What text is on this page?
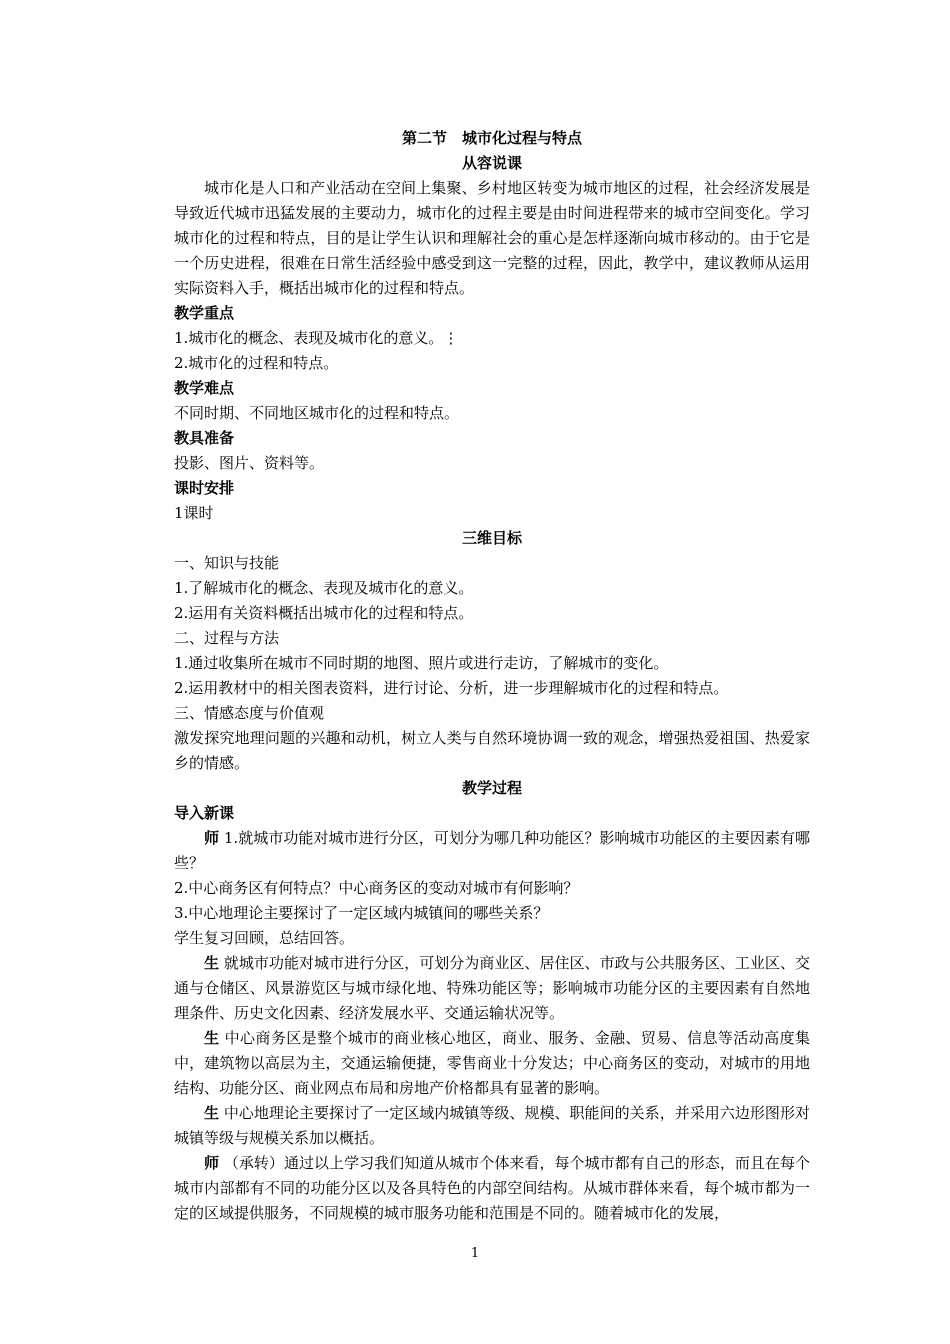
第二节　城市化过程与特点
从容说课

城市化是人口和产业活动在空间上集聚、乡村地区转变为城市地区的过程，社会经济发展是导致近代城市迅猛发展的主要动力，城市化的过程主要是由时间进程带来的城市空间变化。学习城市化的过程和特点，目的是让学生认识和理解社会的重心是怎样逐渐向城市移动的。由于它是一个历史进程，很难在日常生活经验中感受到这一完整的过程，因此，教学中，建议教师从运用实际资料入手，概括出城市化的过程和特点。

教学重点
1.城市化的概念、表现及城市化的意义。⋮
2.城市化的过程和特点。
教学难点
不同时期、不同地区城市化的过程和特点。
教具准备
投影、图片、资料等。
课时安排
1课时
三维目标
一、知识与技能
1.了解城市化的概念、表现及城市化的意义。
2.运用有关资料概括出城市化的过程和特点。
二、过程与方法
1.通过收集所在城市不同时期的地图、照片或进行走访，了解城市的变化。
2.运用教材中的相关图表资料，进行讨论、分析，进一步理解城市化的过程和特点。
三、情感态度与价值观

激发探究地理问题的兴趣和动机，树立人类与自然环境协调一致的观念，增强热爱祖国、热爱家乡的情感。

教学过程
导入新课

师 1.就城市功能对城市进行分区，可划分为哪几种功能区？影响城市功能区的主要因素有哪些？

2.中心商务区有何特点？中心商务区的变动对城市有何影响？
3.中心地理论主要探讨了一定区域内城镇间的哪些关系？
学生复习回顾，总结回答。

生 就城市功能对城市进行分区，可划分为商业区、居住区、市政与公共服务区、工业区、交通与仓储区、风景游览区与城市绿化地、特殊功能区等；影响城市功能分区的主要因素有自然地理条件、历史文化因素、经济发展水平、交通运输状况等。

生 中心商务区是整个城市的商业核心地区，商业、服务、金融、贸易、信息等活动高度集中，建筑物以高层为主，交通运输便捷，零售商业十分发达；中心商务区的变动，对城市的用地结构、功能分区、商业网点布局和房地产价格都具有显著的影响。

生 中心地理论主要探讨了一定区域内城镇等级、规模、职能间的关系，并采用六边形图形对城镇等级与规模关系加以概括。

师 （承转）通过以上学习我们知道从城市个体来看，每个城市都有自己的形态，而且在每个城市内部都有不同的功能分区以及各具特色的内部空间结构。从城市群体来看，每个城市都为一定的区域提供服务，不同规模的城市服务功能和范围是不同的。随着城市化的发展，

1
